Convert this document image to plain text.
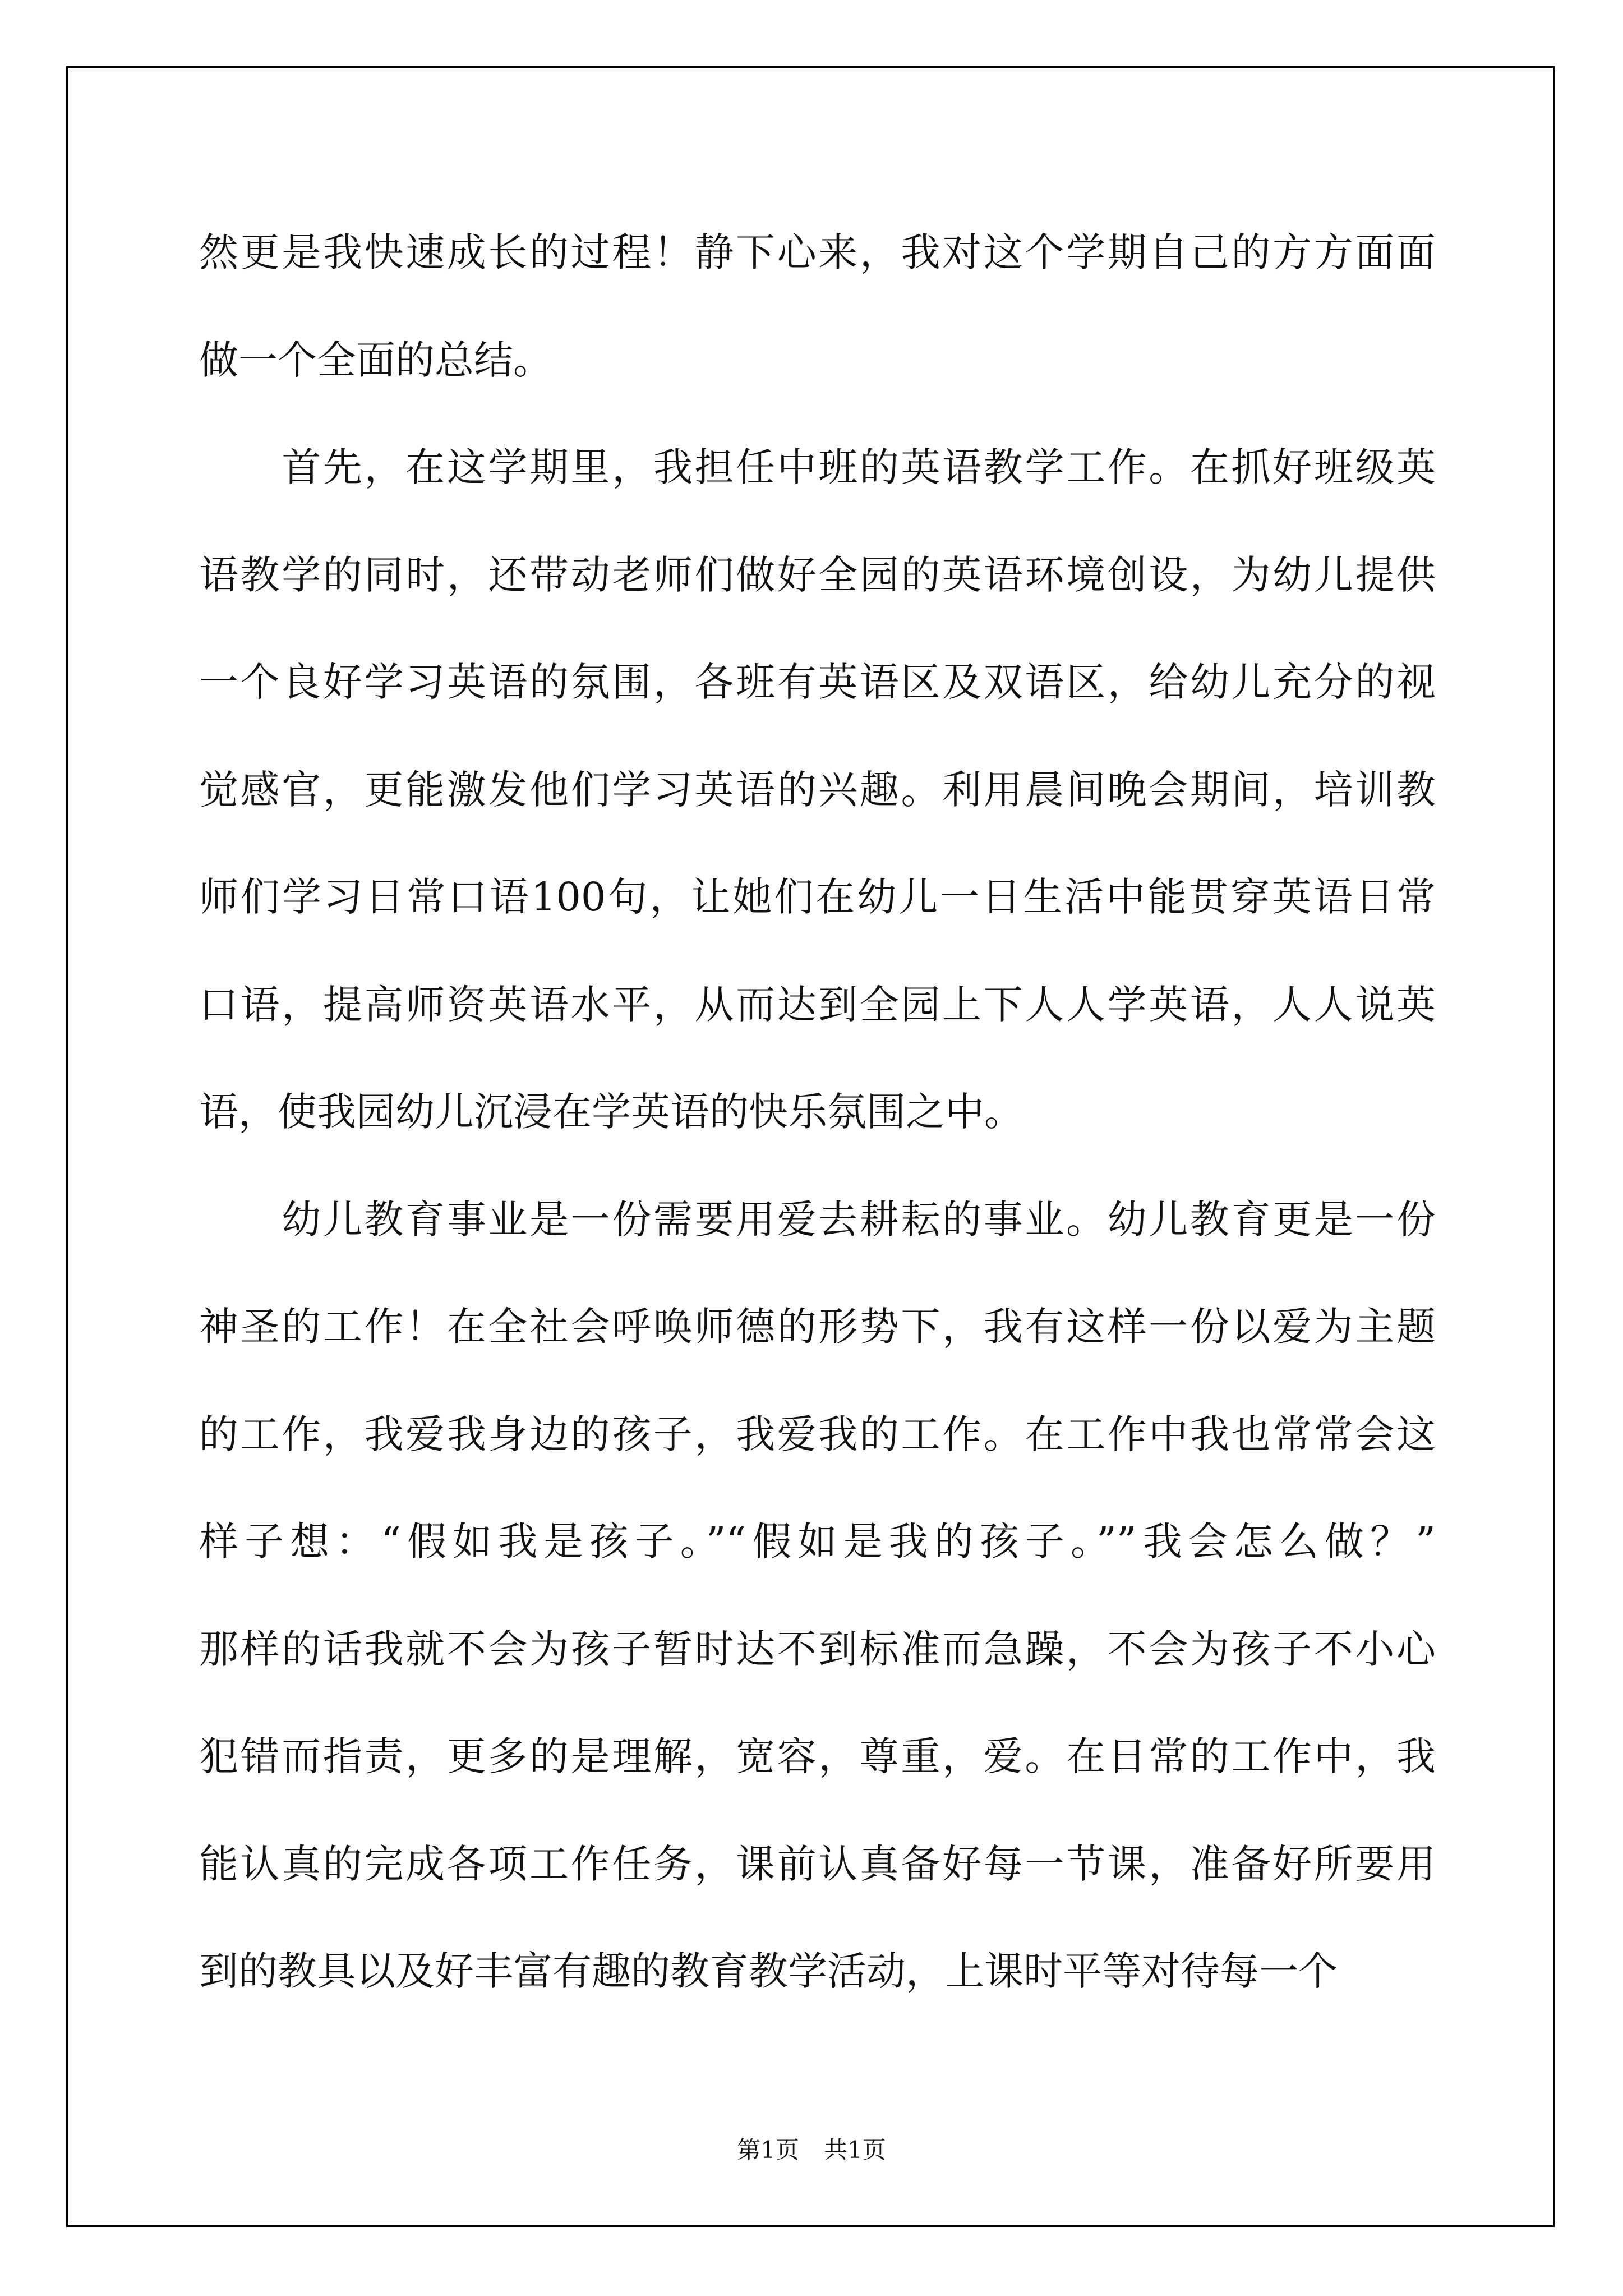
然更是我快速成长的过程！静下心来，我对这个学期自己的方方面面
做一个全面的总结。
　　首先，在这学期里，我担任中班的英语教学工作。在抓好班级英
语教学的同时，还带动老师们做好全园的英语环境创设，为幼儿提供
一个良好学习英语的氛围，各班有英语区及双语区，给幼儿充分的视
觉感官，更能激发他们学习英语的兴趣。利用晨间晚会期间，培训教
师们学习日常口语100句，让她们在幼儿一日生活中能贯穿英语日常
口语，提高师资英语水平，从而达到全园上下人人学英语，人人说英
语，使我园幼儿沉浸在学英语的快乐氛围之中。
　　幼儿教育事业是一份需要用爱去耕耘的事业。幼儿教育更是一份
神圣的工作！在全社会呼唤师德的形势下，我有这样一份以爱为主题
的工作，我爱我身边的孩子，我爱我的工作。在工作中我也常常会这
样子想：“假如我是孩子。”“假如是我的孩子。””我会怎么做？”
那样的话我就不会为孩子暂时达不到标准而急躁，不会为孩子不小心
犯错而指责，更多的是理解，宽容，尊重，爱。在日常的工作中，我
能认真的完成各项工作任务，课前认真备好每一节课，准备好所要用
到的教具以及好丰富有趣的教育教学活动，上课时平等对待每一个
第1页 共1页
